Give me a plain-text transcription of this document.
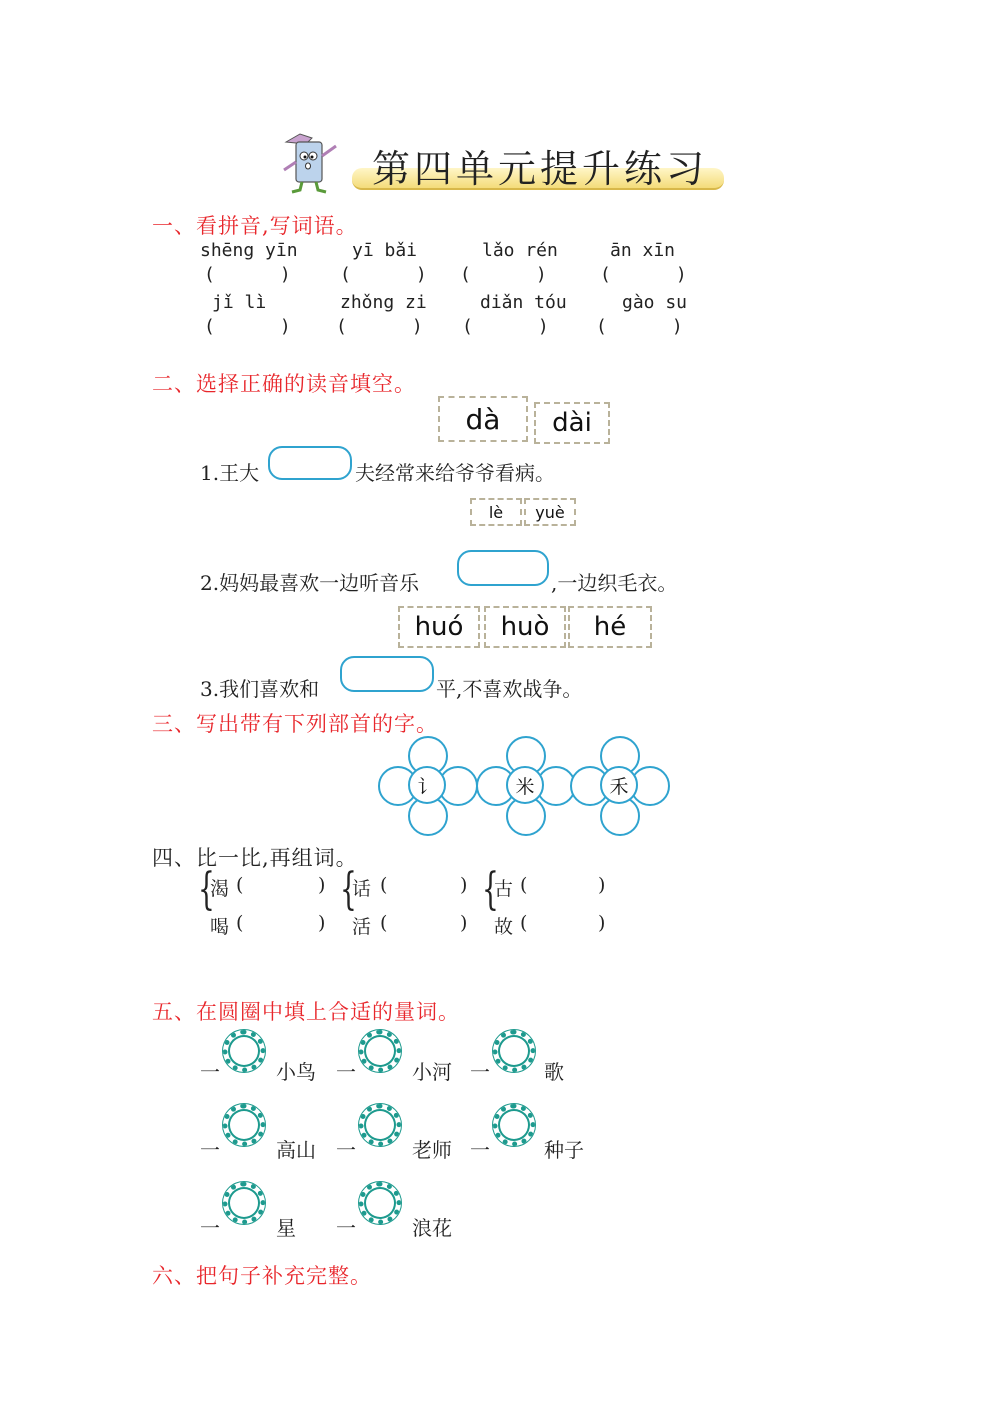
第四单元提升练习
一、看拼音,写词语。
shēng yīn	yī bǎi	lǎo rén	ān xīn
(      )	(      ) (      )	(      )
jǐ lì	zhǒng zi	diǎn tóu	gào su
(      )	(      ) (      )	(      )
二、选择正确的读音填空。
dà	dài
1.王大	夫经常来给爷爷看病。
lè	yuè
2.妈妈最喜欢一边听音乐	,一边织毛衣。
huó	huò	hé
3.我们喜欢和	平,不喜欢战争。
三、写出带有下列部首的字。
讠	米	禾
四、比一比,再组词。
{
渴 (	)
喝 (	)
{
话 (	)
活 (	)
{
古 (	)
故 (	)
五、在圆圈中填上合适的量词。
一	小鸟 一	小河 一	歌
一	高山 一	老师 一	种子
一	星 一	浪花
六、把句子补充完整。
